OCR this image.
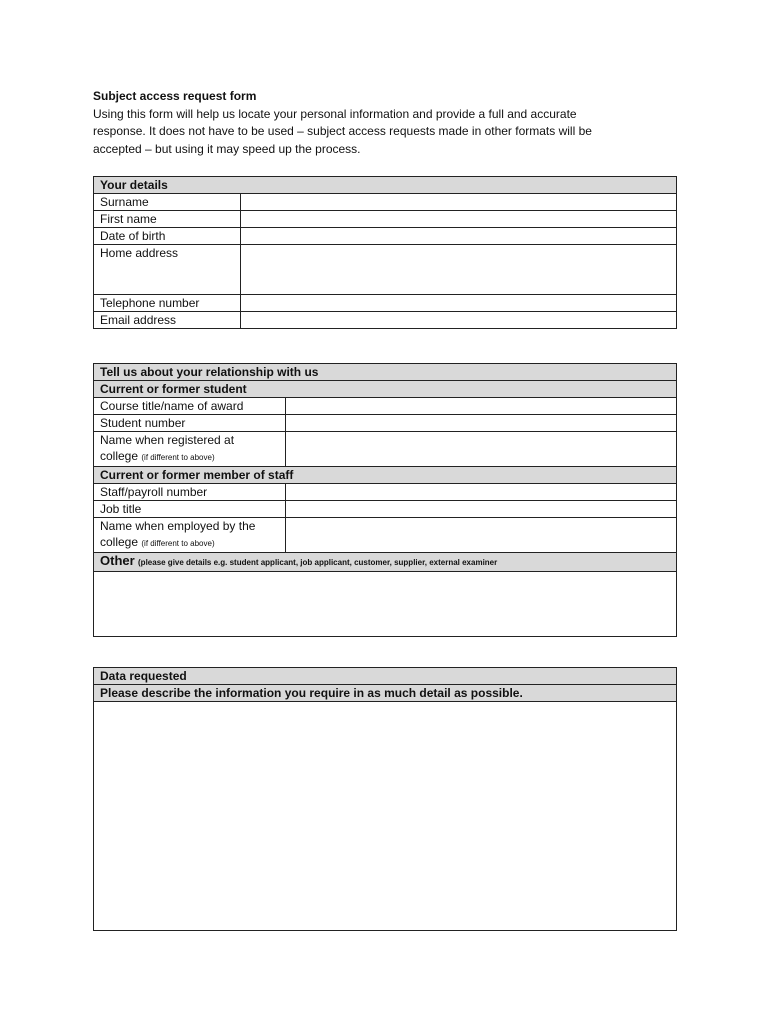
Subject access request form
Using this form will help us locate your personal information and provide a full and accurate
response. It does not have to be used – subject access requests made in other formats will be
accepted – but using it may speed up the process.
Your details	
Surname	
First name	
Date of birth	
Home address	
Telephone number	
Email address	
Tell us about your relationship with us	
Current or former student	
Course title/name of award	
Student number	

Name when registered at
college (if different to above)	

Current or former member of staff	
Staff/payroll number	
Job title	

Name when employed by the
college (if different to above)	

Other (please give details e.g. student applicant, job applicant, customer, supplier, external examiner	

Data requested
Please describe the information you require in as much detail as possible.
